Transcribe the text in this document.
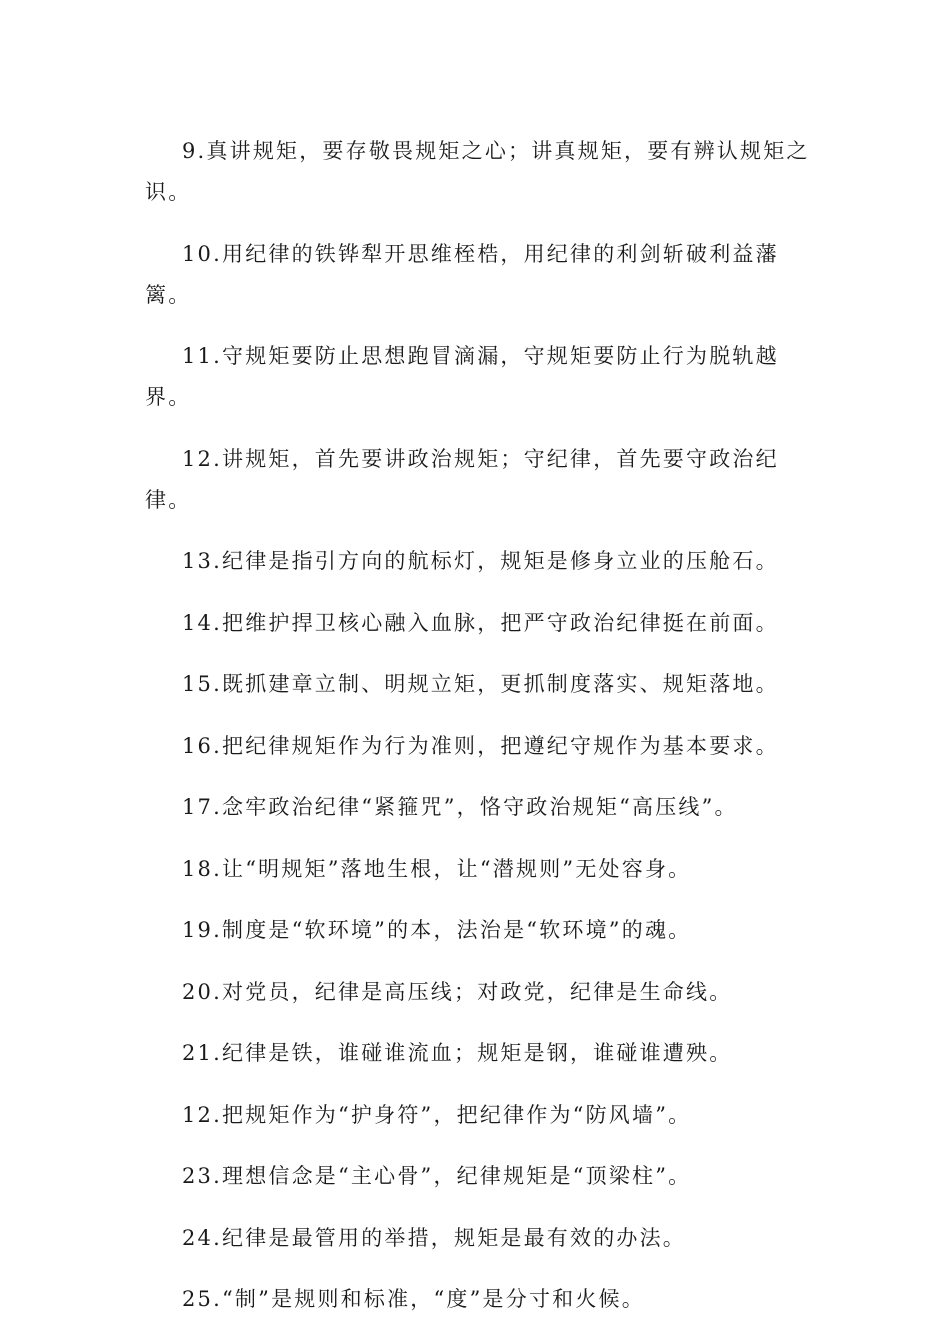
9.真讲规矩，要存敬畏规矩之心；讲真规矩，要有辨认规矩之识。

10.用纪律的铁铧犁开思维桎梏，用纪律的利剑斩破利益藩篱。

11.守规矩要防止思想跑冒滴漏，守规矩要防止行为脱轨越界。

12.讲规矩，首先要讲政治规矩；守纪律，首先要守政治纪律。

13.纪律是指引方向的航标灯，规矩是修身立业的压舱石。

14.把维护捍卫核心融入血脉，把严守政治纪律挺在前面。

15.既抓建章立制、明规立矩，更抓制度落实、规矩落地。

16.把纪律规矩作为行为准则，把遵纪守规作为基本要求。

17.念牢政治纪律“紧箍咒”，恪守政治规矩“高压线”。

18.让“明规矩”落地生根，让“潜规则”无处容身。

19.制度是“软环境”的本，法治是“软环境”的魂。

20.对党员，纪律是高压线；对政党，纪律是生命线。

21.纪律是铁，谁碰谁流血；规矩是钢，谁碰谁遭殃。

12.把规矩作为“护身符”，把纪律作为“防风墙”。

23.理想信念是“主心骨”，纪律规矩是“顶梁柱”。

24.纪律是最管用的举措，规矩是最有效的办法。

25.“制”是规则和标准，“度”是分寸和火候。
